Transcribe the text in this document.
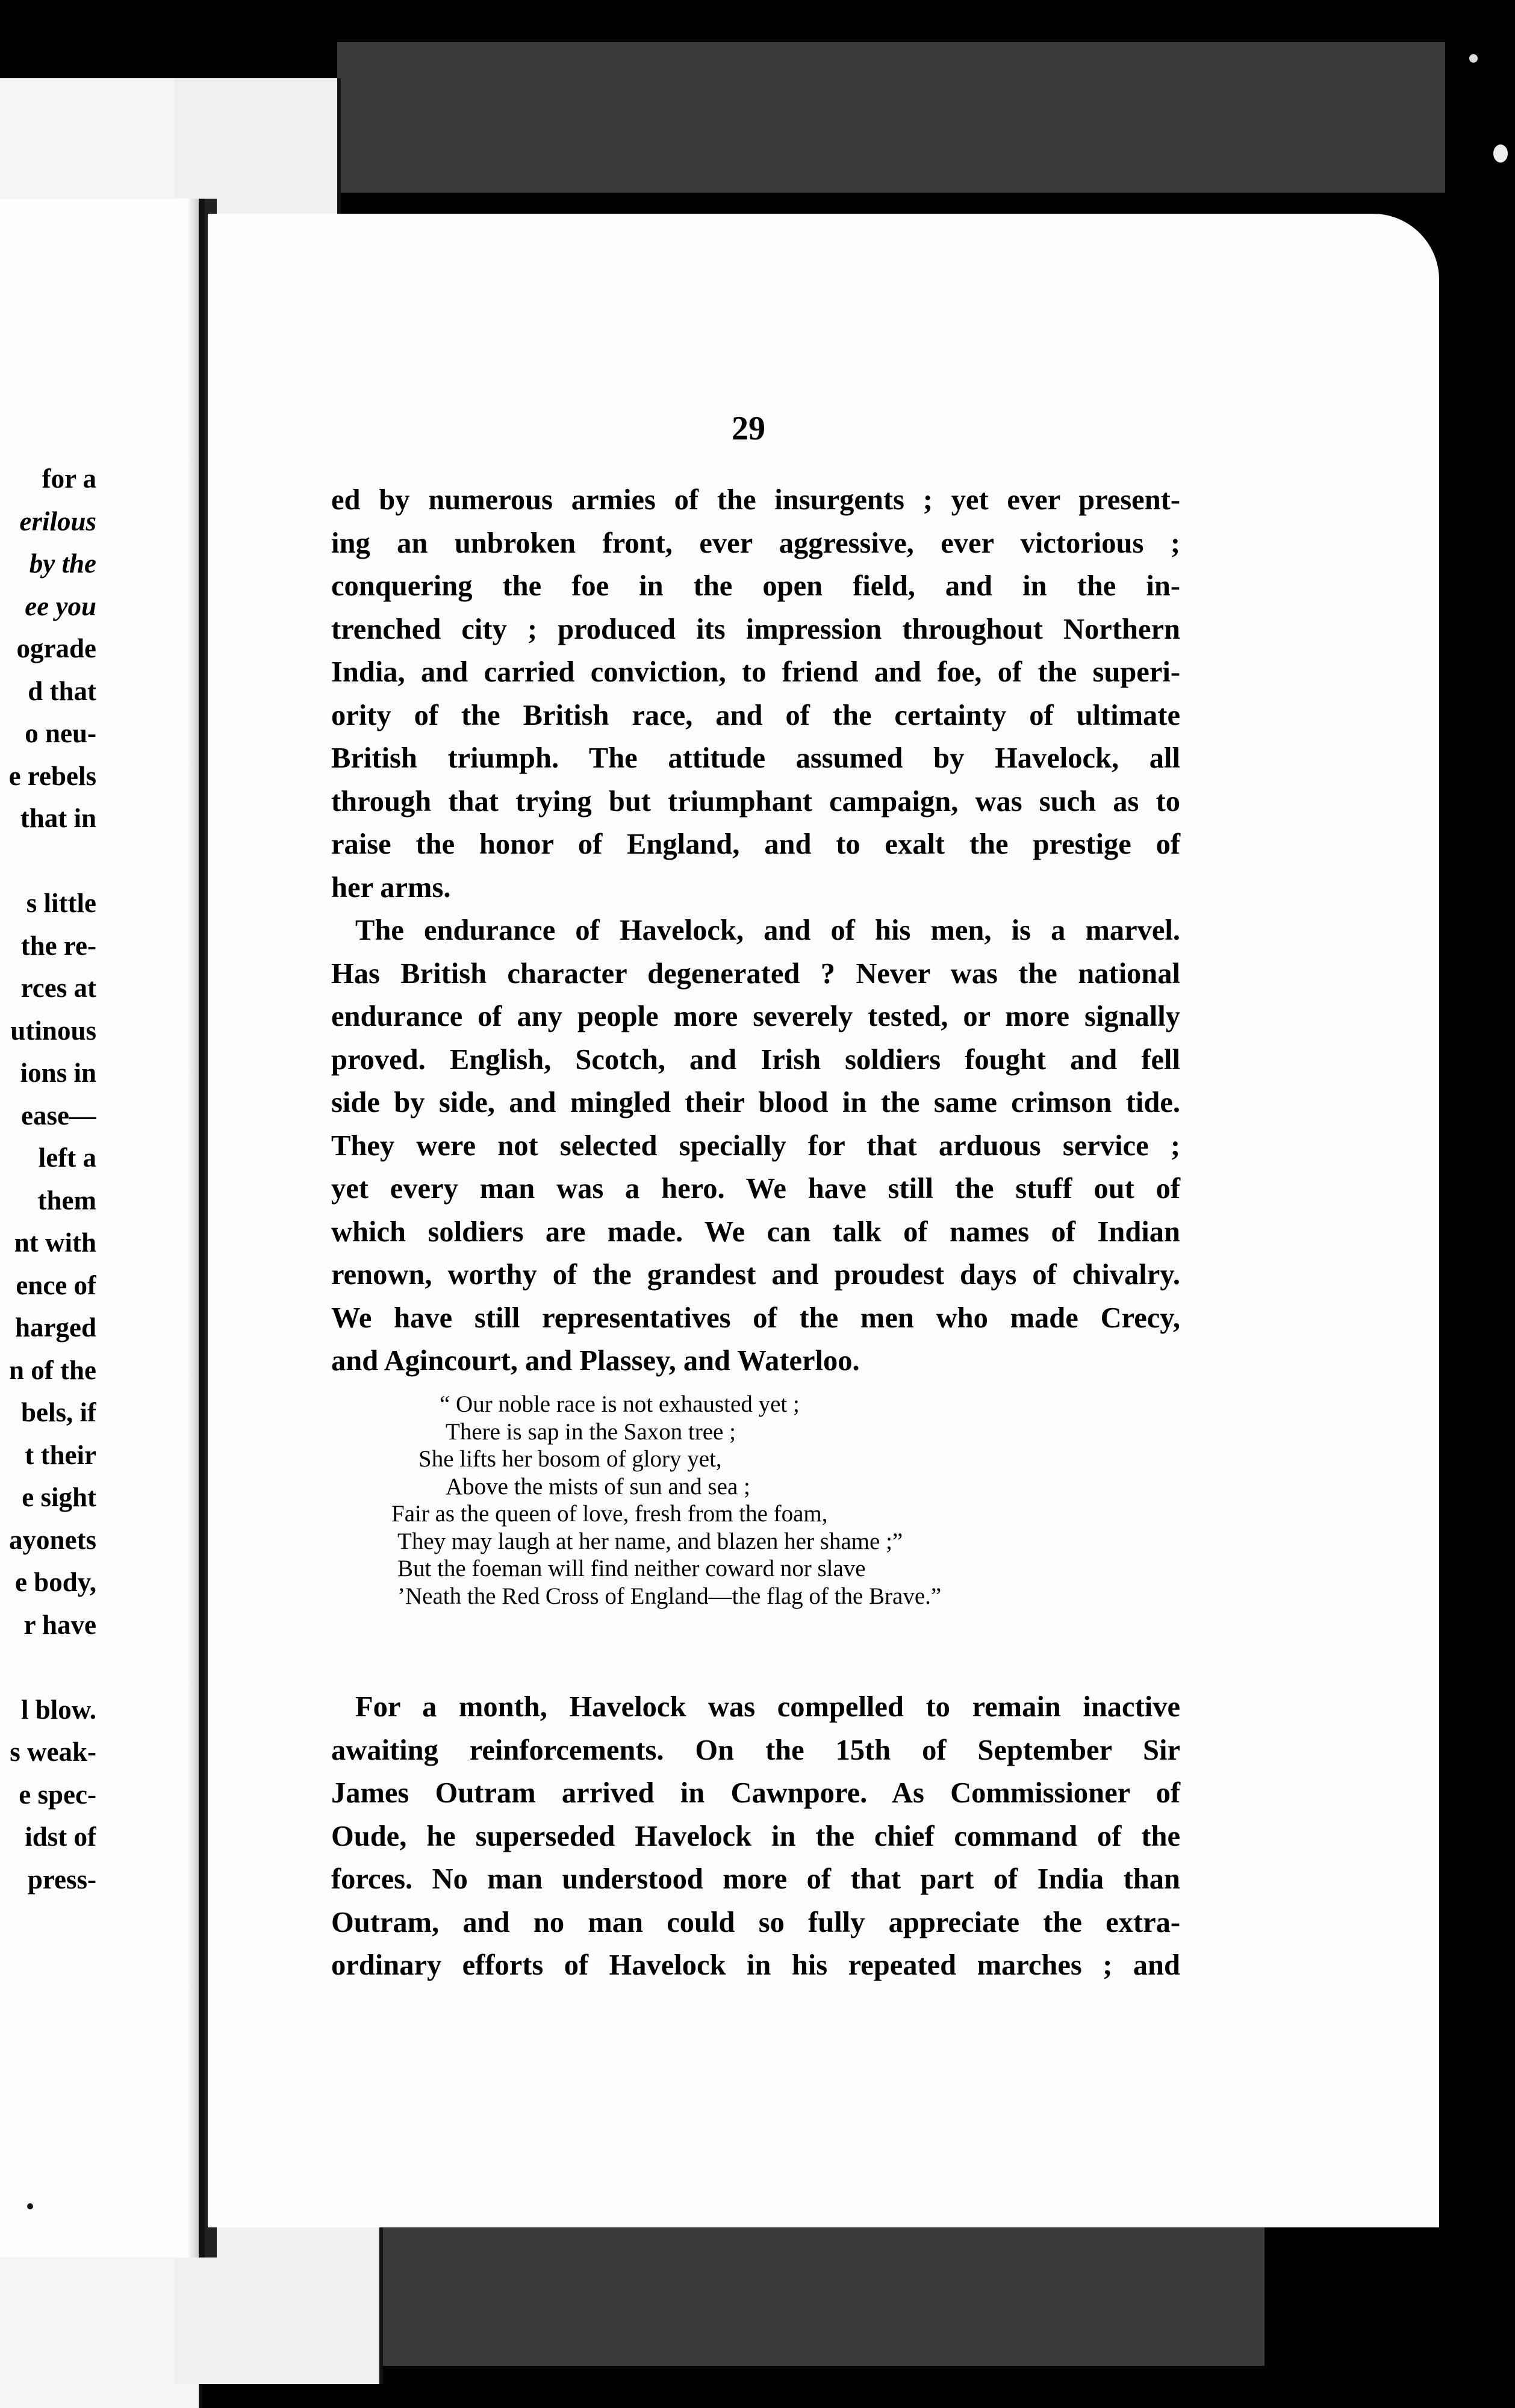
for a
erilous
by the
ee you
ograde
d that
o neu-
e rebels
that in
s little
the re-
rces at
utinous
ions in
ease—
left a
them
nt with
ence of
harged
n of the
bels, if
t their
e sight
ayonets
e body,
r have
l blow.
s weak-
e spec-
idst of
press-
29
ed by numerous armies of the insurgents ; yet ever present-
ing an unbroken front, ever aggressive, ever victorious ;
conquering the foe in the open field, and in the in-
trenched city ; produced its impression throughout Northern
India, and carried conviction, to friend and foe, of the superi-
ority of the British race, and of the certainty of ultimate
British triumph. The attitude assumed by Havelock, all
through that trying but triumphant campaign, was such as to
raise the honor of England, and to exalt the prestige of
her arms.
The endurance of Havelock, and of his men, is a marvel.
Has British character degenerated ? Never was the national
endurance of any people more severely tested, or more signally
proved. English, Scotch, and Irish soldiers fought and fell
side by side, and mingled their blood in the same crimson tide.
They were not selected specially for that arduous service ;
yet every man was a hero. We have still the stuff out of
which soldiers are made. We can talk of names of Indian
renown, worthy of the grandest and proudest days of chivalry.
We have still representatives of the men who made Crecy,
and Agincourt, and Plassey, and Waterloo.
“ Our noble race is not exhausted yet ;
There is sap in the Saxon tree ;
She lifts her bosom of glory yet,
Above the mists of sun and sea ;
Fair as the queen of love, fresh from the foam,
They may laugh at her name, and blazen her shame ;”
But the foeman will find neither coward nor slave
’Neath the Red Cross of England—the flag of the Brave.”
For a month, Havelock was compelled to remain inactive
awaiting reinforcements. On the 15th of September Sir
James Outram arrived in Cawnpore. As Commissioner of
Oude, he superseded Havelock in the chief command of the
forces. No man understood more of that part of India than
Outram, and no man could so fully appreciate the extra-
ordinary efforts of Havelock in his repeated marches ; and
